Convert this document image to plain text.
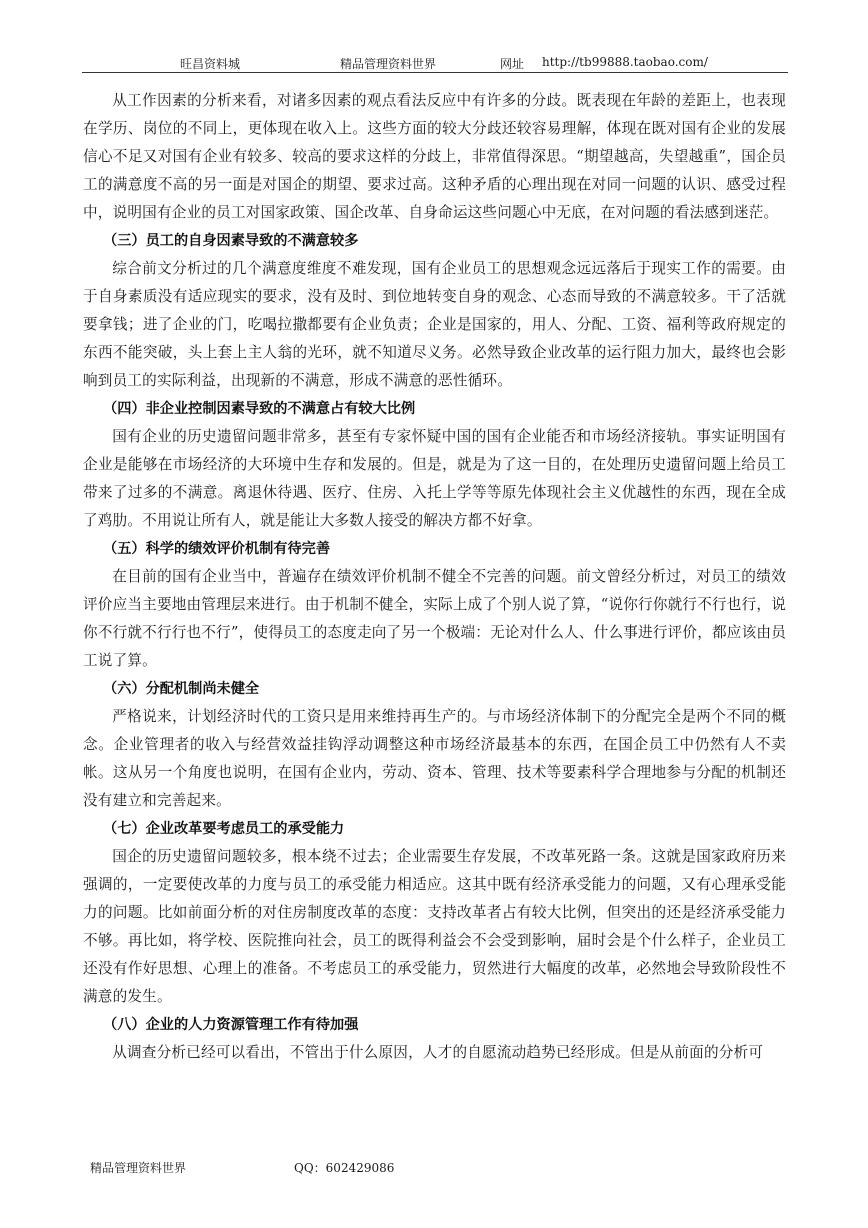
旺昌资料城	精品管理资料世界	网址 http://tb99888.taobao.com/

从工作因素的分析来看，对诸多因素的观点看法反应中有许多的分歧。既表现在年龄的差距上，也表现在学历、岗位的不同上，更体现在收入上。这些方面的较大分歧还较容易理解，体现在既对国有企业的发展信心不足又对国有企业有较多、较高的要求这样的分歧上，非常值得深思。“期望越高，失望越重”，国企员工的满意度不高的另一面是对国企的期望、要求过高。这种矛盾的心理出现在对同一问题的认识、感受过程中，说明国有企业的员工对国家政策、国企改革、自身命运这些问题心中无底，在对问题的看法感到迷茫。

（三）员工的自身因素导致的不满意较多

综合前文分析过的几个满意度维度不难发现，国有企业员工的思想观念远远落后于现实工作的需要。由于自身素质没有适应现实的要求，没有及时、到位地转变自身的观念、心态而导致的不满意较多。干了活就要拿钱；进了企业的门，吃喝拉撒都要有企业负责；企业是国家的，用人、分配、工资、福利等政府规定的东西不能突破，头上套上主人翁的光环，就不知道尽义务。必然导致企业改革的运行阻力加大，最终也会影响到员工的实际利益，出现新的不满意，形成不满意的恶性循环。

（四）非企业控制因素导致的不满意占有较大比例

国有企业的历史遗留问题非常多，甚至有专家怀疑中国的国有企业能否和市场经济接轨。事实证明国有企业是能够在市场经济的大环境中生存和发展的。但是，就是为了这一目的，在处理历史遗留问题上给员工带来了过多的不满意。离退休待遇、医疗、住房、入托上学等等原先体现社会主义优越性的东西，现在全成了鸡肋。不用说让所有人，就是能让大多数人接受的解决方都不好拿。

（五）科学的绩效评价机制有待完善

在目前的国有企业当中，普遍存在绩效评价机制不健全不完善的问题。前文曾经分析过，对员工的绩效评价应当主要地由管理层来进行。由于机制不健全，实际上成了个别人说了算，“说你行你就行不行也行，说你不行就不行行也不行”，使得员工的态度走向了另一个极端：无论对什么人、什么事进行评价，都应该由员工说了算。

（六）分配机制尚未健全

严格说来，计划经济时代的工资只是用来维持再生产的。与市场经济体制下的分配完全是两个不同的概念。企业管理者的收入与经营效益挂钩浮动调整这种市场经济最基本的东西，在国企员工中仍然有人不卖帐。这从另一个角度也说明，在国有企业内，劳动、资本、管理、技术等要素科学合理地参与分配的机制还没有建立和完善起来。

（七）企业改革要考虑员工的承受能力

国企的历史遗留问题较多，根本绕不过去；企业需要生存发展，不改革死路一条。这就是国家政府历来强调的，一定要使改革的力度与员工的承受能力相适应。这其中既有经济承受能力的问题，又有心理承受能力的问题。比如前面分析的对住房制度改革的态度：支持改革者占有较大比例，但突出的还是经济承受能力不够。再比如，将学校、医院推向社会，员工的既得利益会不会受到影响，届时会是个什么样子，企业员工还没有作好思想、心理上的准备。不考虑员工的承受能力，贸然进行大幅度的改革，必然地会导致阶段性不满意的发生。

（八）企业的人力资源管理工作有待加强

从调查分析已经可以看出，不管出于什么原因，人才的自愿流动趋势已经形成。但是从前面的分析可

精品管理资料世界	QQ：602429086
